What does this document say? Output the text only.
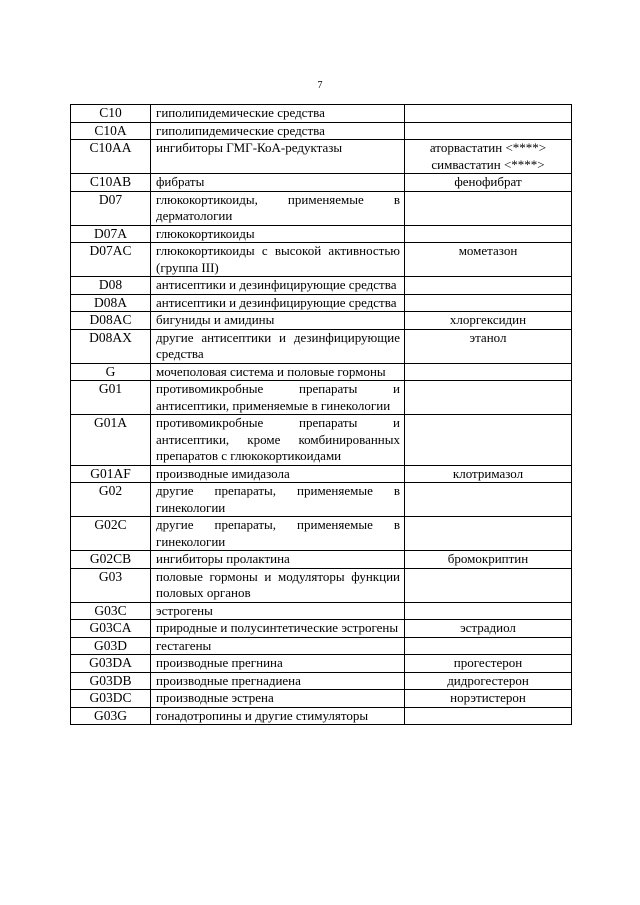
7
C10	гиполипидемические средства	
C10A	гиполипидемические средства	
C10AA	ингибиторы ГМГ-КоА-редуктазы	аторвастатин <****>
симвастатин <****>
C10AB	фибраты	фенофибрат
D07	глюкокортикоиды, применяемые в дерматологии	
D07A	глюкокортикоиды	
D07AC	глюкокортикоиды с высокой активностью (группа III)	мометазон
D08	антисептики и дезинфицирующие средства	
D08A	антисептики и дезинфицирующие средства	
D08AC	бигуниды и амидины	хлоргексидин
D08AX	другие антисептики и дезинфицирующие средства	этанол
G	мочеполовая система и половые гормоны	
G01	противомикробные препараты и антисептики, применяемые в гинекологии	
G01A	противомикробные препараты и антисептики, кроме комбинированных препаратов с глюкокортикоидами	
G01AF	производные имидазола	клотримазол
G02	другие препараты, применяемые в гинекологии	
G02C	другие препараты, применяемые в гинекологии	
G02CB	ингибиторы пролактина	бромокриптин
G03	половые гормоны и модуляторы функции половых органов	
G03C	эстрогены	
G03CA	природные и полусинтетические эстрогены	эстрадиол
G03D	гестагены	
G03DA	производные прегнина	прогестерон
G03DB	производные прегнадиена	дидрогестерон
G03DC	производные эстрена	норэтистерон
G03G	гонадотропины и другие стимуляторы	
